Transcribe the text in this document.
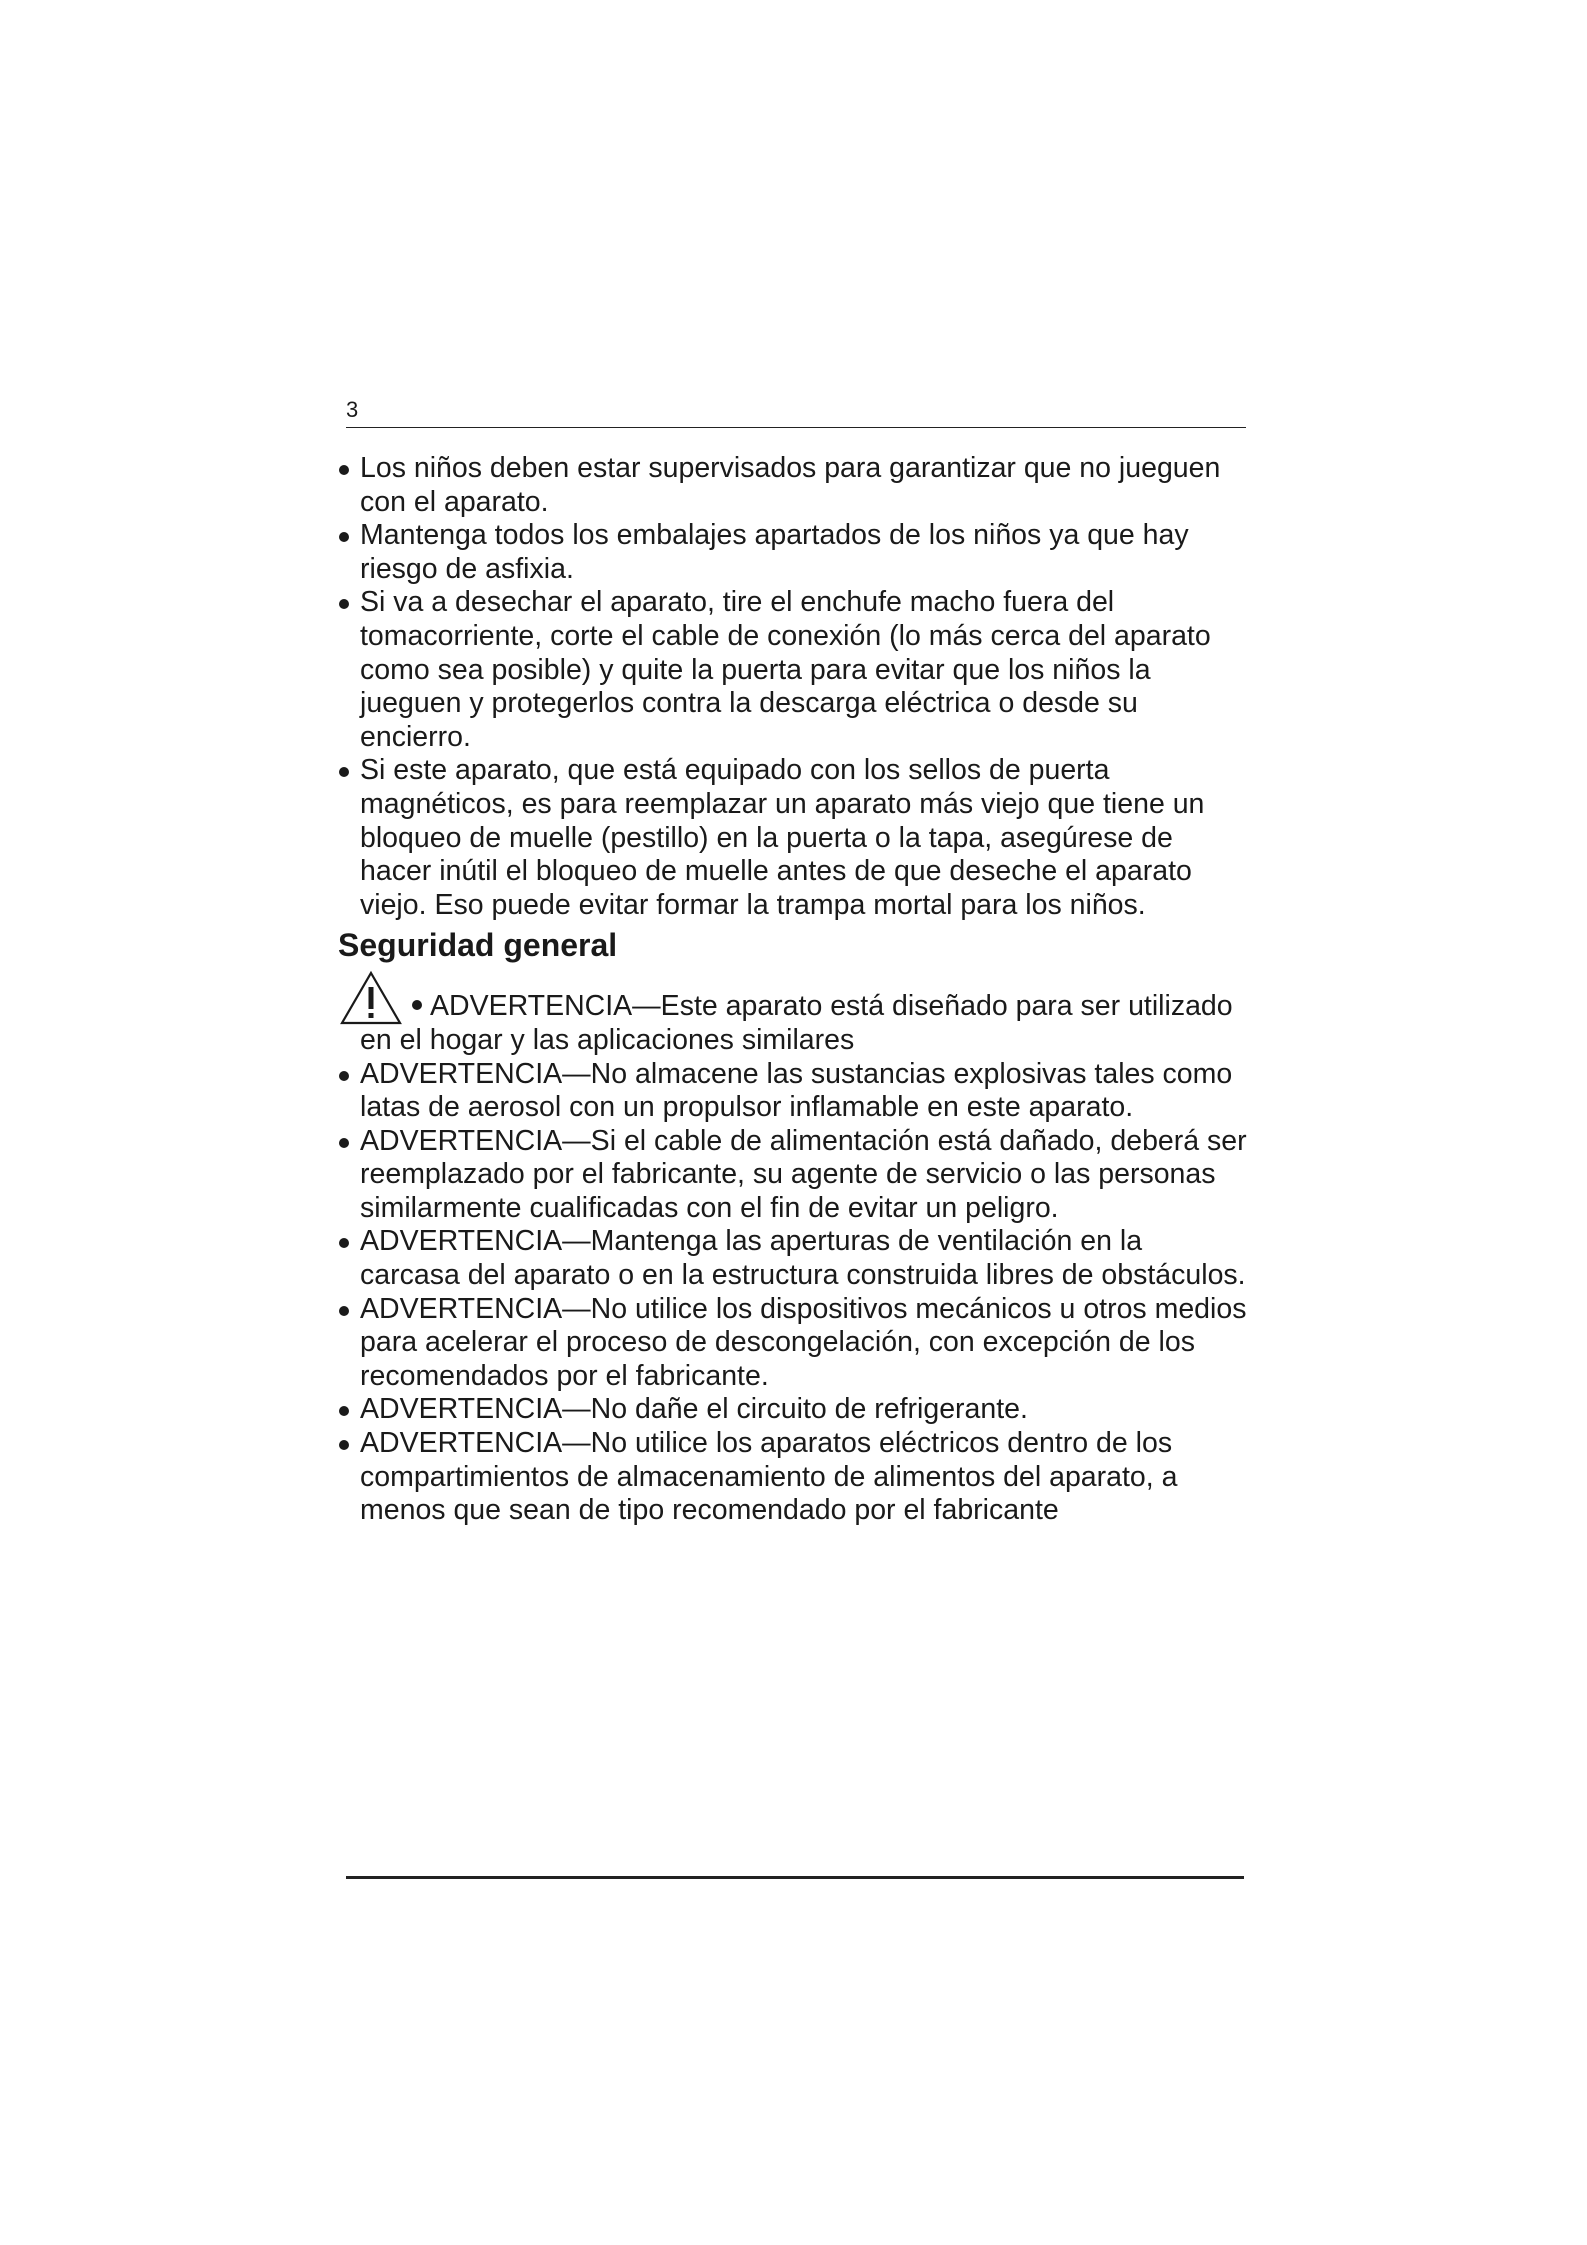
3
Los niños deben estar supervisados para garantizar que no jueguen con el aparato.
Mantenga todos los embalajes apartados de los niños ya que hay riesgo de asfixia.
Si va a desechar el aparato, tire el enchufe macho fuera del tomacorriente, corte el cable de conexión (lo más cerca del aparato como sea posible) y quite la puerta para evitar que los niños la jueguen y protegerlos contra la descarga eléctrica o desde su encierro.
Si este aparato, que está equipado con los sellos de puerta magnéticos, es para reemplazar un aparato más viejo que tiene un bloqueo de muelle (pestillo) en la puerta o la tapa, asegúrese de hacer inútil el bloqueo de muelle antes de que deseche el aparato viejo. Eso puede evitar formar la trampa mortal para los niños.
Seguridad general
ADVERTENCIA—Este aparato está diseñado para ser utilizado en el hogar y las aplicaciones similares
ADVERTENCIA—No almacene las sustancias explosivas tales como latas de aerosol con un propulsor inflamable en este aparato.
ADVERTENCIA—Si el cable de alimentación está dañado, deberá ser reemplazado por el fabricante, su agente de servicio o las personas similarmente cualificadas con el fin de evitar un peligro.
ADVERTENCIA—Mantenga las aperturas de ventilación en la carcasa del aparato o en la estructura construida libres de obstáculos.
ADVERTENCIA—No utilice los dispositivos mecánicos u otros medios para acelerar el proceso de descongelación, con excepción de los recomendados por el fabricante.
ADVERTENCIA—No dañe el circuito de refrigerante.
ADVERTENCIA—No utilice los aparatos eléctricos dentro de los compartimientos de almacenamiento de alimentos del aparato, a menos que sean de tipo recomendado por el fabricante
